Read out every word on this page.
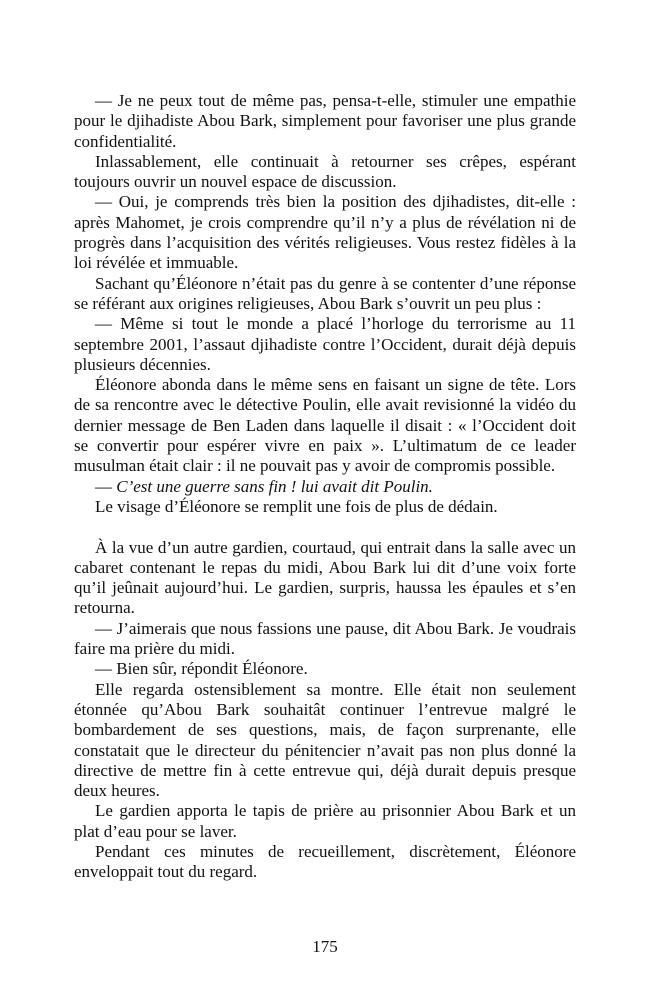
— Je ne peux tout de même pas, pensa-t-elle, stimuler une empathie pour le djihadiste Abou Bark, simplement pour favoriser une plus grande confidentialité.

Inlassablement, elle continuait à retourner ses crêpes, espérant toujours ouvrir un nouvel espace de discussion.

— Oui, je comprends très bien la position des djihadistes, dit-elle : après Mahomet, je crois comprendre qu’il n’y a plus de révélation ni de progrès dans l’acquisition des vérités religieuses. Vous restez fidèles à la loi révélée et immuable.

Sachant qu’Éléonore n’était pas du genre à se contenter d’une réponse se référant aux origines religieuses, Abou Bark s’ouvrit un peu plus :

— Même si tout le monde a placé l’horloge du terrorisme au 11 septembre 2001, l’assaut djihadiste contre l’Occident, durait déjà depuis plusieurs décennies.

Éléonore abonda dans le même sens en faisant un signe de tête. Lors de sa rencontre avec le détective Poulin, elle avait revisionné la vidéo du dernier message de Ben Laden dans laquelle il disait : « l’Occident doit se convertir pour espérer vivre en paix ». L’ultimatum de ce leader musulman était clair : il ne pouvait pas y avoir de compromis possible.

— C’est une guerre sans fin ! lui avait dit Poulin.

Le visage d’Éléonore se remplit une fois de plus de dédain.

À la vue d’un autre gardien, courtaud, qui entrait dans la salle avec un cabaret contenant le repas du midi, Abou Bark lui dit d’une voix forte qu’il jeûnait aujourd’hui. Le gardien, surpris, haussa les épaules et s’en retourna.

— J’aimerais que nous fassions une pause, dit Abou Bark. Je voudrais faire ma prière du midi.

— Bien sûr, répondit Éléonore.

Elle regarda ostensiblement sa montre. Elle était non seulement étonnée qu’Abou Bark souhaitât continuer l’entrevue malgré le bombardement de ses questions, mais, de façon surprenante, elle constatait que le directeur du pénitencier n’avait pas non plus donné la directive de mettre fin à cette entrevue qui, déjà durait depuis presque deux heures.

Le gardien apporta le tapis de prière au prisonnier Abou Bark et un plat d’eau pour se laver.

Pendant ces minutes de recueillement, discrètement, Éléonore enveloppait tout du regard.

175
